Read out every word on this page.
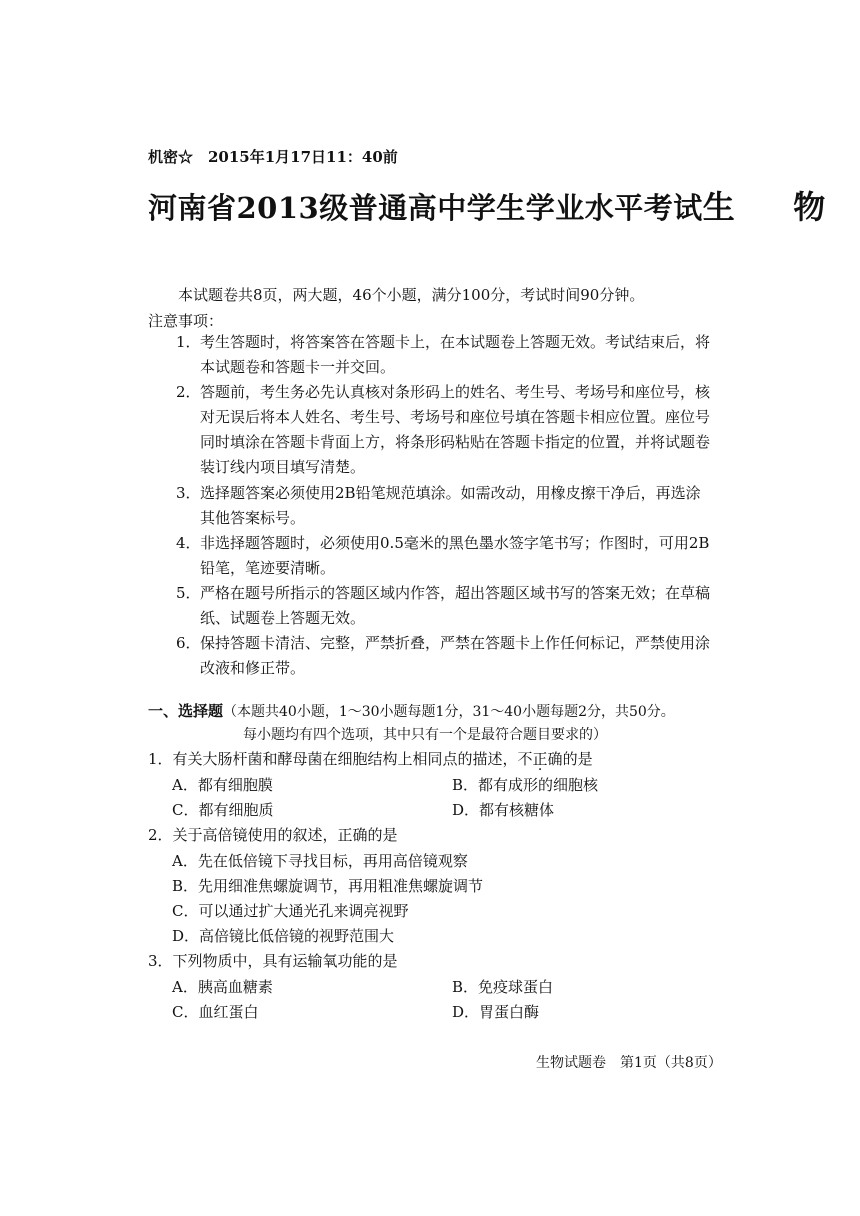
机密☆　2015年1月17日11：40前
河南省2013级普通高中学生学业水平考试生 物
本试题卷共8页，两大题，46个小题，满分100分，考试时间90分钟。
注意事项：
1．考生答题时，将答案答在答题卡上，在本试题卷上答题无效。考试结束后，将
本试题卷和答题卡一并交回。
2．答题前，考生务必先认真核对条形码上的姓名、考生号、考场号和座位号，核
对无误后将本人姓名、考生号、考场号和座位号填在答题卡相应位置。座位号
同时填涂在答题卡背面上方，将条形码粘贴在答题卡指定的位置，并将试题卷
装订线内项目填写清楚。
3．选择题答案必须使用2B铅笔规范填涂。如需改动，用橡皮擦干净后，再选涂
其他答案标号。
4．非选择题答题时，必须使用0.5毫米的黑色墨水签字笔书写；作图时，可用2B
铅笔，笔迹要清晰。
5．严格在题号所指示的答题区域内作答，超出答题区域书写的答案无效；在草稿
纸、试题卷上答题无效。
6．保持答题卡清洁、完整，严禁折叠，严禁在答题卡上作任何标记，严禁使用涂
改液和修正带。
一、选择题（本题共40小题，1～30小题每题1分，31～40小题每题2分，共50分。
每小题均有四个选项，其中只有一个是最符合题目要求的）
1．有关大肠杆菌和酵母菌在细胞结构上相同点的描述，不正确的是
A．都有细胞膜	B．都有成形的细胞核
C．都有细胞质	D．都有核糖体
2．关于高倍镜使用的叙述，正确的是
A．先在低倍镜下寻找目标，再用高倍镜观察
B．先用细准焦螺旋调节，再用粗准焦螺旋调节
C．可以通过扩大通光孔来调亮视野
D．高倍镜比低倍镜的视野范围大
3．下列物质中，具有运输氧功能的是
A．胰高血糖素	B．免疫球蛋白
C．血红蛋白	D．胃蛋白酶
生物试题卷　第1页（共8页）
